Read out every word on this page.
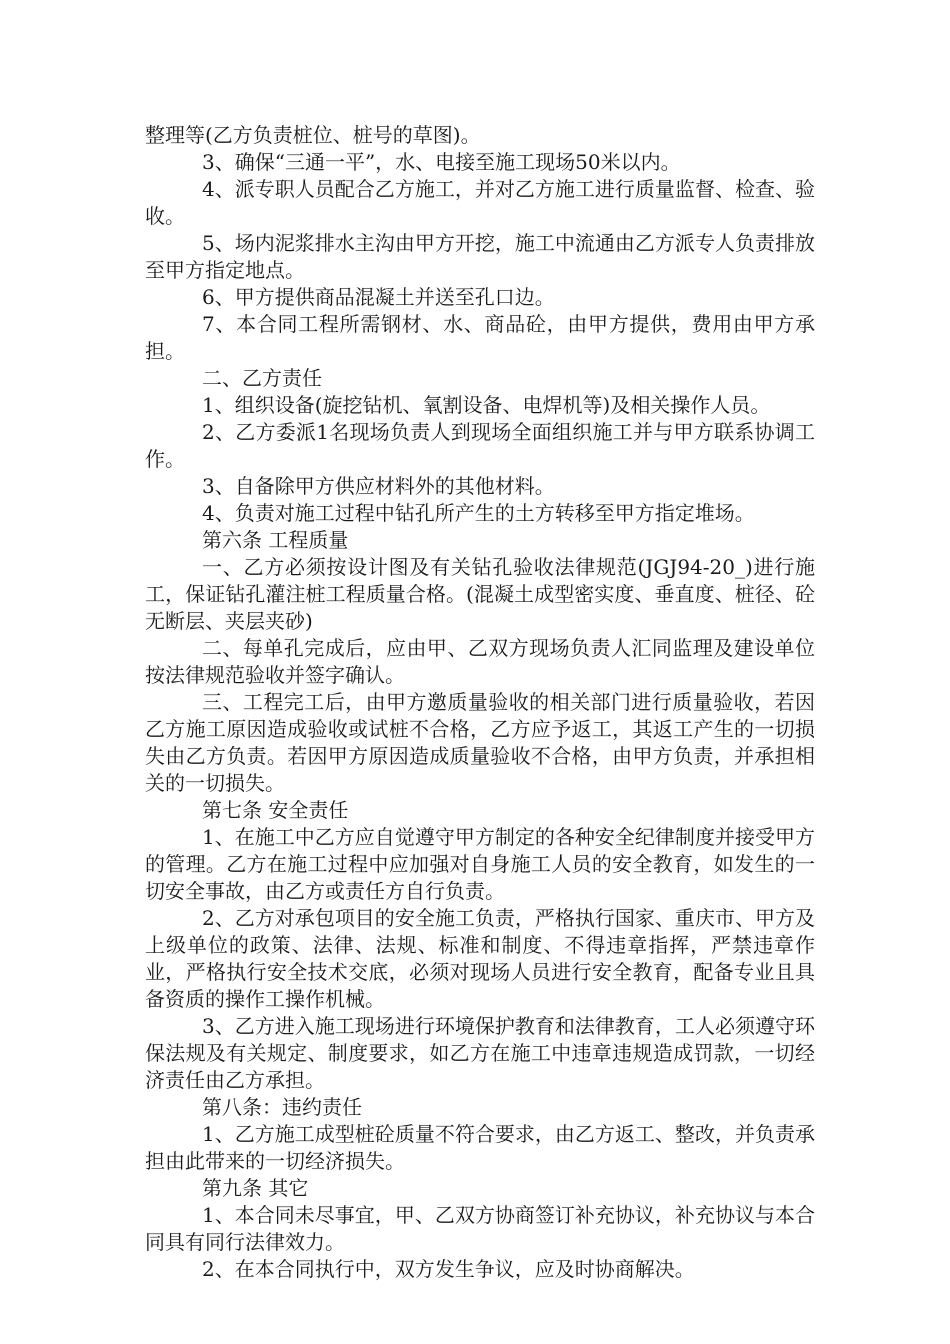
整理等(乙方负责桩位、桩号的草图)。

3、确保“三通一平”，水、电接至施工现场50米以内。

4、派专职人员配合乙方施工，并对乙方施工进行质量监督、检查、验收。

5、场内泥浆排水主沟由甲方开挖，施工中流通由乙方派专人负责排放至甲方指定地点。

6、甲方提供商品混凝土并送至孔口边。

7、本合同工程所需钢材、水、商品砼，由甲方提供，费用由甲方承担。

二、乙方责任

1、组织设备(旋挖钻机、氧割设备、电焊机等)及相关操作人员。

2、乙方委派1名现场负责人到现场全面组织施工并与甲方联系协调工作。

3、自备除甲方供应材料外的其他材料。

4、负责对施工过程中钻孔所产生的土方转移至甲方指定堆场。

第六条 工程质量

一、乙方必须按设计图及有关钻孔验收法律规范(JGJ94-20_)进行施工，保证钻孔灌注桩工程质量合格。(混凝土成型密实度、垂直度、桩径、砼无断层、夹层夹砂)

二、每单孔完成后，应由甲、乙双方现场负责人汇同监理及建设单位按法律规范验收并签字确认。

三、工程完工后，由甲方邀质量验收的相关部门进行质量验收，若因乙方施工原因造成验收或试桩不合格，乙方应予返工，其返工产生的一切损失由乙方负责。若因甲方原因造成质量验收不合格，由甲方负责，并承担相关的一切损失。

第七条 安全责任

1、在施工中乙方应自觉遵守甲方制定的各种安全纪律制度并接受甲方的管理。乙方在施工过程中应加强对自身施工人员的安全教育，如发生的一切安全事故，由乙方或责任方自行负责。

2、乙方对承包项目的安全施工负责，严格执行国家、重庆市、甲方及上级单位的政策、法律、法规、标准和制度、不得违章指挥，严禁违章作业，严格执行安全技术交底，必须对现场人员进行安全教育，配备专业且具备资质的操作工操作机械。

3、乙方进入施工现场进行环境保护教育和法律教育，工人必须遵守环保法规及有关规定、制度要求，如乙方在施工中违章违规造成罚款，一切经济责任由乙方承担。

第八条：违约责任

1、乙方施工成型桩砼质量不符合要求，由乙方返工、整改，并负责承担由此带来的一切经济损失。

第九条 其它

1、本合同未尽事宜，甲、乙双方协商签订补充协议，补充协议与本合同具有同行法律效力。

2、在本合同执行中，双方发生争议，应及时协商解决。
